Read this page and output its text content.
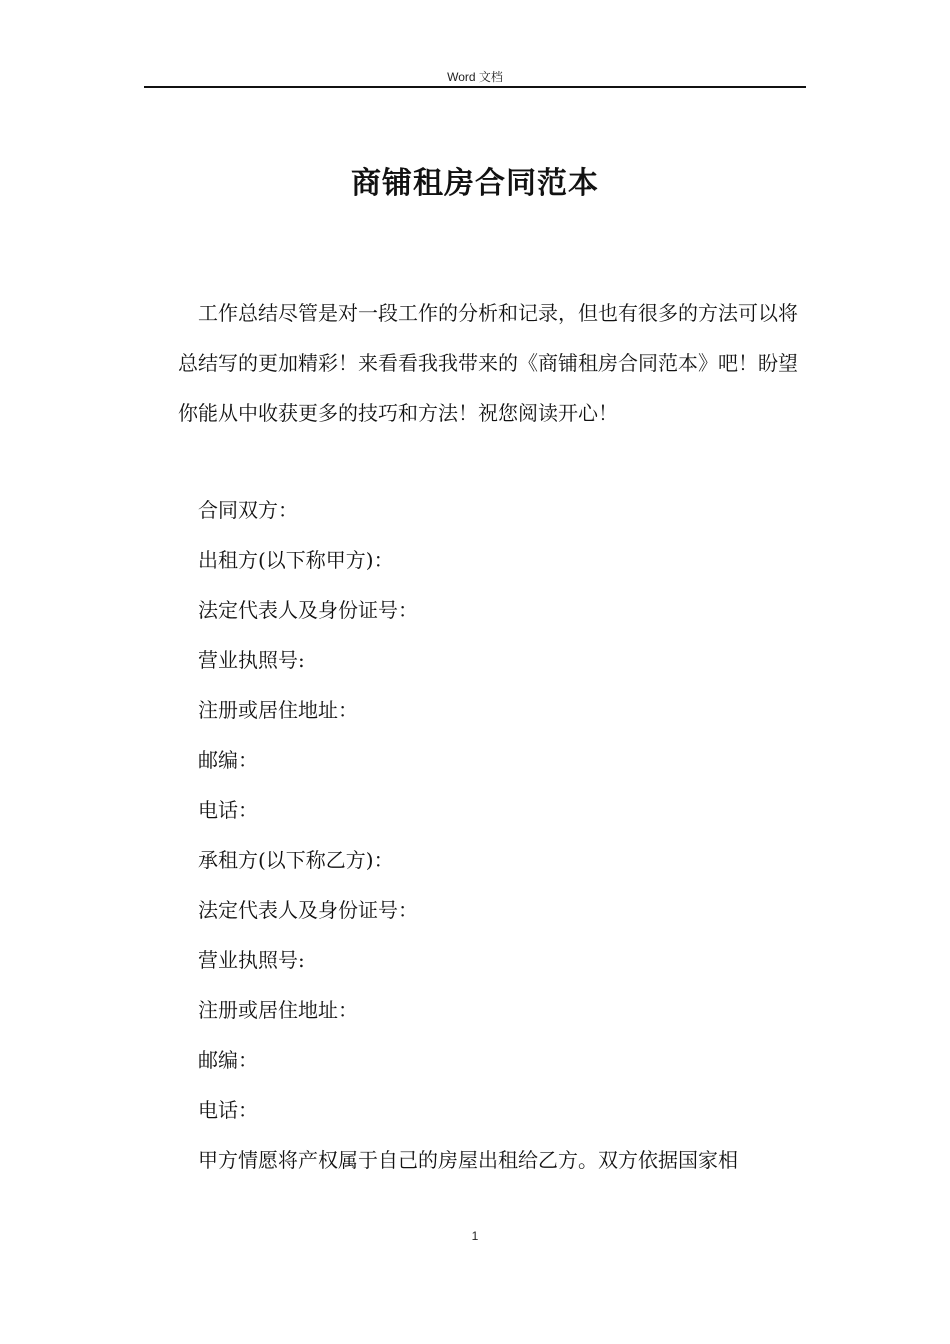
Word 文档
商铺租房合同范本

工作总结尽管是对一段工作的分析和记录，但也有很多的方法可以将总结写的更加精彩！来看看我我带来的《商铺租房合同范本》吧！盼望你能从中收获更多的技巧和方法！祝您阅读开心！

合同双方：
出租方(以下称甲方)：
法定代表人及身份证号：
营业执照号:
注册或居住地址：
邮编：
电话：
承租方(以下称乙方)：
法定代表人及身份证号：
营业执照号:
注册或居住地址：
邮编：
电话：
甲方情愿将产权属于自己的房屋出租给乙方。双方依据国家相
1
